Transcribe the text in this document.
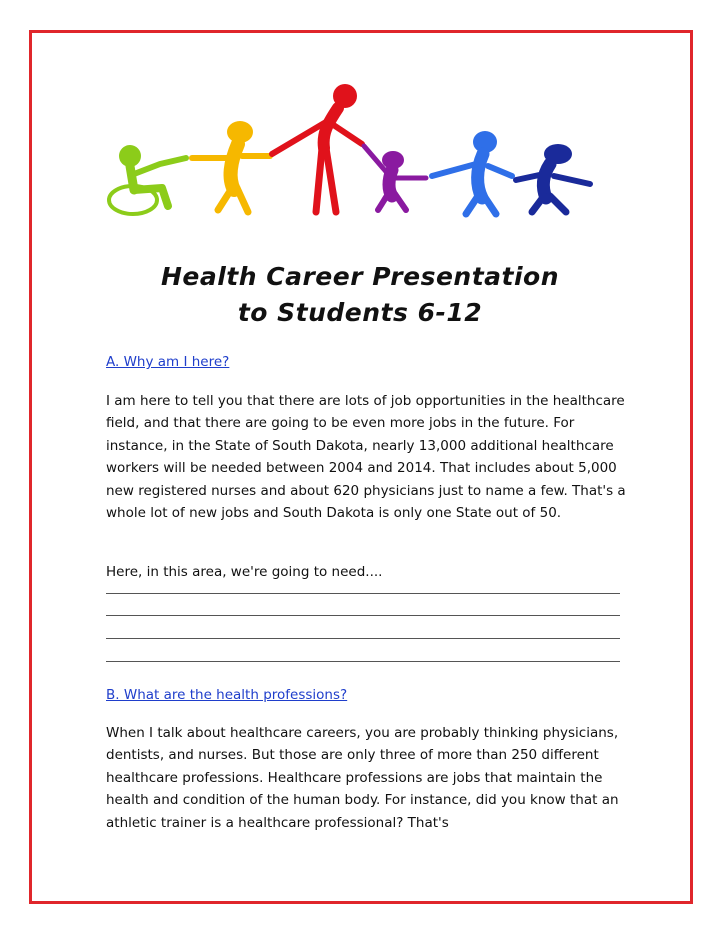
Health Career Presentation
to Students 6-12
A. Why am I here?
I am here to tell you that there are lots of job opportunities in the healthcare field, and that there are going to be even more jobs in the future. For instance, in the State of South Dakota, nearly 13,000 additional healthcare workers will be needed between 2004 and 2014. That includes about 5,000 new registered nurses and about 620 physicians just to name a few. That's a whole lot of new jobs and South Dakota is only one State out of 50.
Here, in this area, we're going to need....
B. What are the health professions?
When I talk about healthcare careers, you are probably thinking physicians, dentists, and nurses. But those are only three of more than 250 different healthcare professions. Healthcare professions are jobs that maintain the health and condition of the human body. For instance, did you know that an athletic trainer is a healthcare professional? That's
